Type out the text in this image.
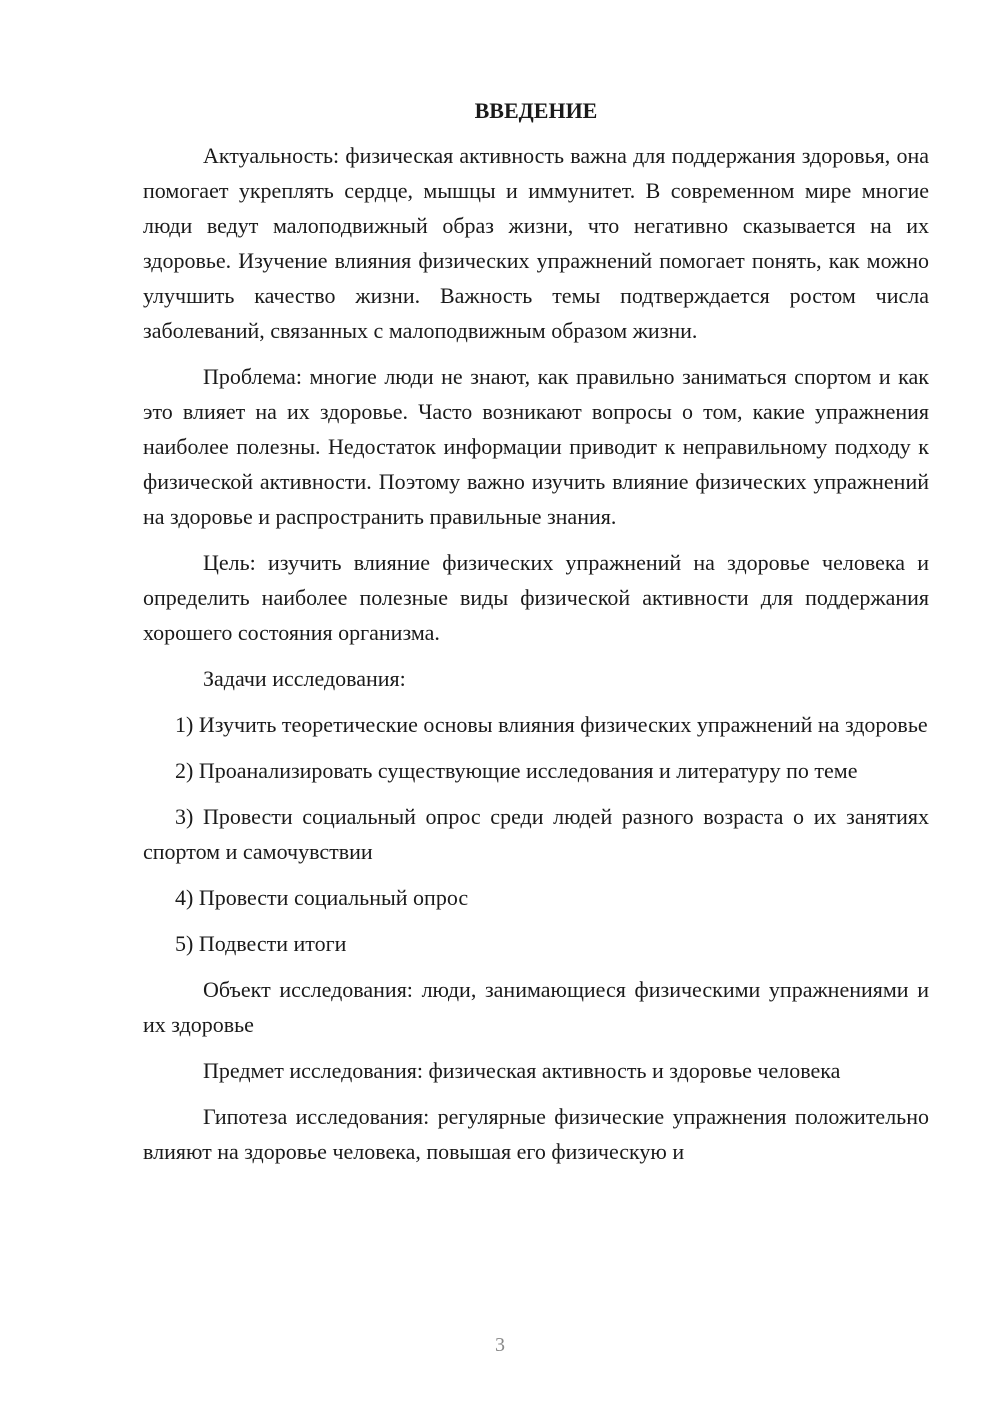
ВВЕДЕНИЕ

Актуальность: физическая активность важна для поддержания здоровья, она помогает укреплять сердце, мышцы и иммунитет. В современном мире многие люди ведут малоподвижный образ жизни, что негативно сказывается на их здоровье. Изучение влияния физических упражнений помогает понять, как можно улучшить качество жизни. Важность темы подтверждается ростом числа заболеваний, связанных с малоподвижным образом жизни.

Проблема: многие люди не знают, как правильно заниматься спортом и как это влияет на их здоровье. Часто возникают вопросы о том, какие упражнения наиболее полезны. Недостаток информации приводит к неправильному подходу к физической активности. Поэтому важно изучить влияние физических упражнений на здоровье и распространить правильные знания.

Цель: изучить влияние физических упражнений на здоровье человека и определить наиболее полезные виды физической активности для поддержания хорошего состояния организма.

Задачи исследования:

1) Изучить теоретические основы влияния физических упражнений на здоровье

2) Проанализировать существующие исследования и литературу по теме

3) Провести социальный опрос среди людей разного возраста о их занятиях спортом и самочувствии

4) Провести социальный опрос

5) Подвести итоги

Объект исследования: люди, занимающиеся физическими упражнениями и их здоровье

Предмет исследования: физическая активность и здоровье человека

Гипотеза исследования: регулярные физические упражнения положительно влияют на здоровье человека, повышая его физическую и

3
